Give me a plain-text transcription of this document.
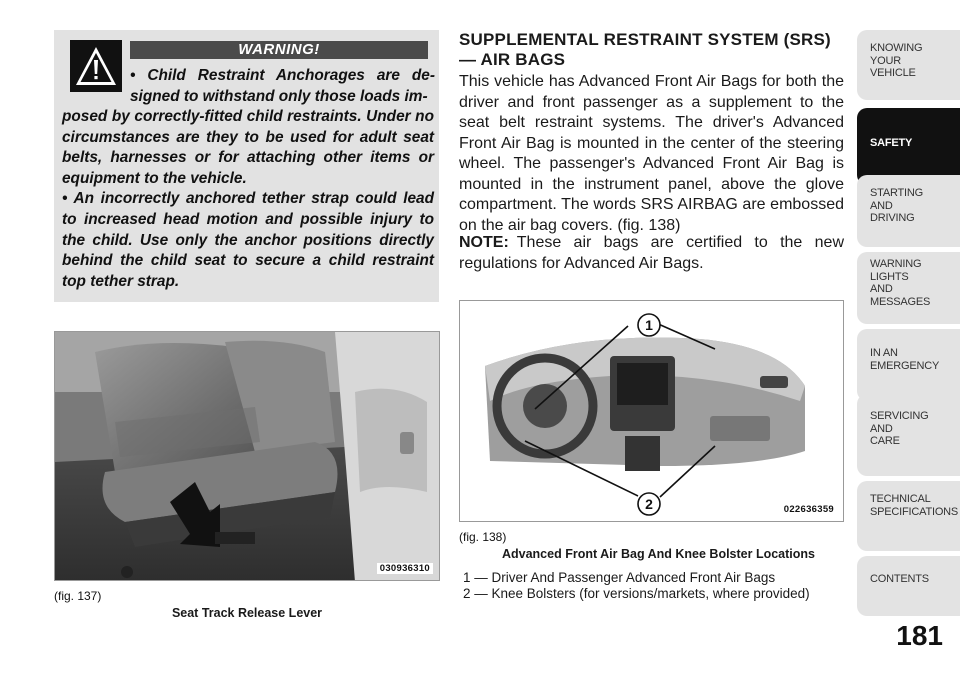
WARNING!
• Child Restraint Anchorages are de-signed to withstand only those loads im-

posed by correctly-fitted child restraints. Under no circumstances are they to be used for adult seat belts, harnesses or for attaching other items or equipment to the vehicle.

• An incorrectly anchored tether strap could lead to increased head motion and possible injury to the child. Use only the anchor positions directly behind the child seat to secure a child restraint top tether strap.

030936310
(fig. 137)
Seat Track Release Lever
SUPPLEMENTAL RESTRAINT SYSTEM (SRS) — AIR BAGS
This vehicle has Advanced Front Air Bags for both the driver and front passenger as a supplement to the seat belt restraint systems. The driver's Advanced Front Air Bag is mounted in the center of the steering wheel. The passenger's Advanced Front Air Bag is mounted in the instrument panel, above the glove compartment. The words SRS AIRBAG are embossed on the air bag covers. (fig. 138)
NOTE: These air bags are certified to the new regulations for Advanced Air Bags.
1
2	022636359
(fig. 138)
Advanced Front Air Bag And Knee Bolster Locations
1 — Driver And Passenger Advanced Front Air Bags
2 — Knee Bolsters (for versions/markets, where provided)
KNOWING
YOUR
VEHICLE
SAFETY
STARTING
AND
DRIVING
WARNING
LIGHTS
AND
MESSAGES
IN AN
EMERGENCY
SERVICING
AND
CARE
TECHNICAL
SPECIFICATIONS
CONTENTS
181
